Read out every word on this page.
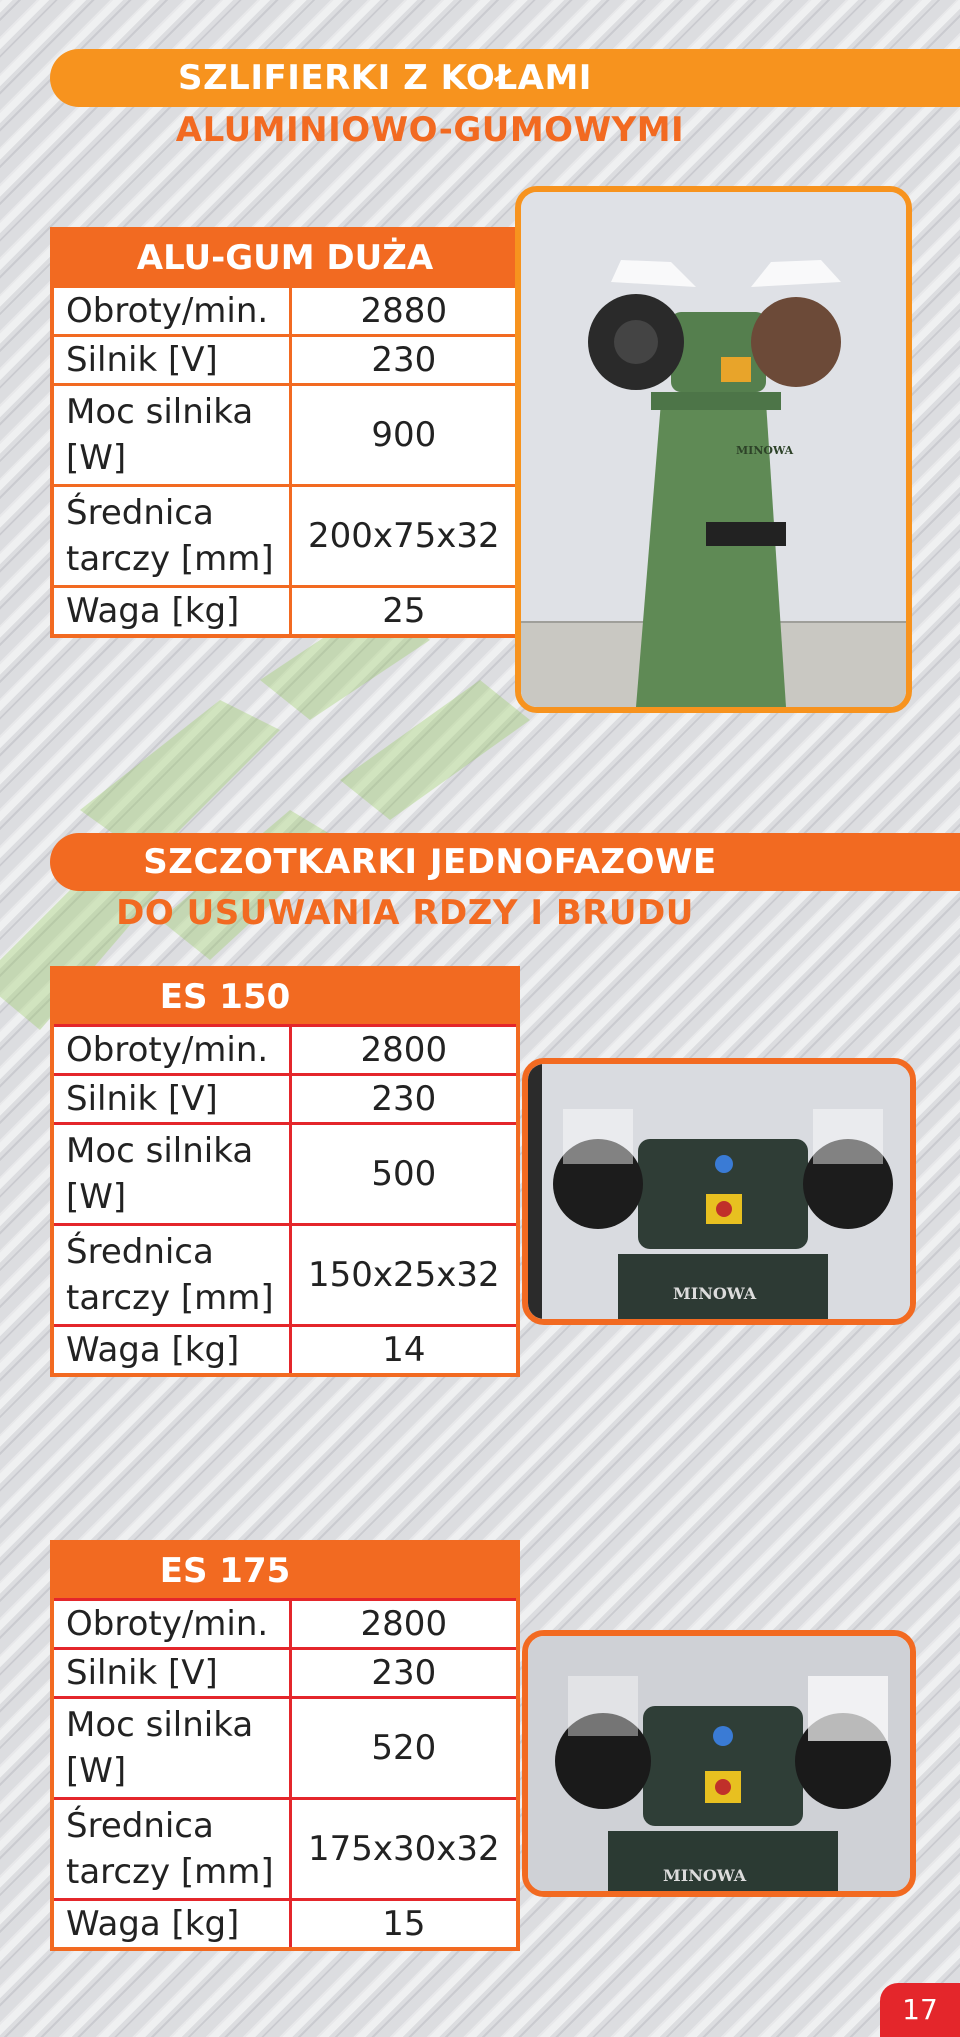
SZLIFIERKI Z KOŁAMI
ALUMINIOWO-GUMOWYMI
ALU-GUM DUŻA	
Obroty/min.	2880
Silnik [V]	230
Moc silnika [W]	900
Średnica tarczy [mm]	200x75x32
Waga [kg]	25
MINOWA
SZCZOTKARKI JEDNOFAZOWE
DO USUWANIA RDZY I BRUDU
ES 150	
Obroty/min.	2800
Silnik [V]	230
Moc silnika [W]	500
Średnica tarczy [mm]	150x25x32
Waga [kg]	14
MINOWA
ES 175	
Obroty/min.	2800
Silnik [V]	230
Moc silnika [W]	520
Średnica tarczy [mm]	175x30x32
Waga [kg]	15
MINOWA
17
